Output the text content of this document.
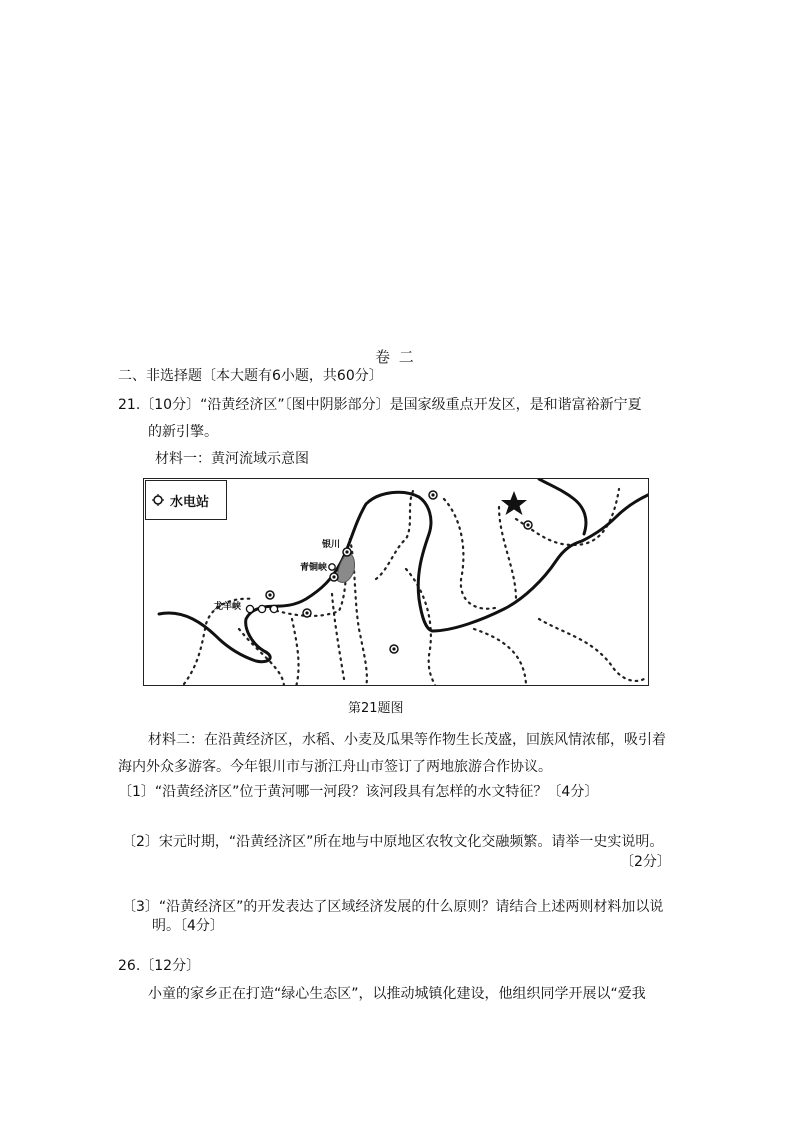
卷 二
二、非选择题〔本大题有6小题，共60分〕
21.〔10分〕“沿黄经济区”〔图中阴影部分〕是国家级重点开发区，是和谐富裕新宁夏
的新引擎。
材料一：黄河流域示意图
银川
青铜峡
龙羊峡
水电站
第21题图
材料二：在沿黄经济区，水稻、小麦及瓜果等作物生长茂盛，回族风情浓郁，吸引着
海内外众多游客。今年银川市与浙江舟山市签订了两地旅游合作协议。
〔1〕“沿黄经济区”位于黄河哪一河段？该河段具有怎样的水文特征？〔4分〕
〔2〕宋元时期，“沿黄经济区”所在地与中原地区农牧文化交融频繁。请举一史实说明。
〔2分〕
〔3〕“沿黄经济区”的开发表达了区域经济发展的什么原则？请结合上述两则材料加以说
明。〔4分〕
26.〔12分〕
小童的家乡正在打造“绿心生态区”，以推动城镇化建设，他组织同学开展以“爱我
